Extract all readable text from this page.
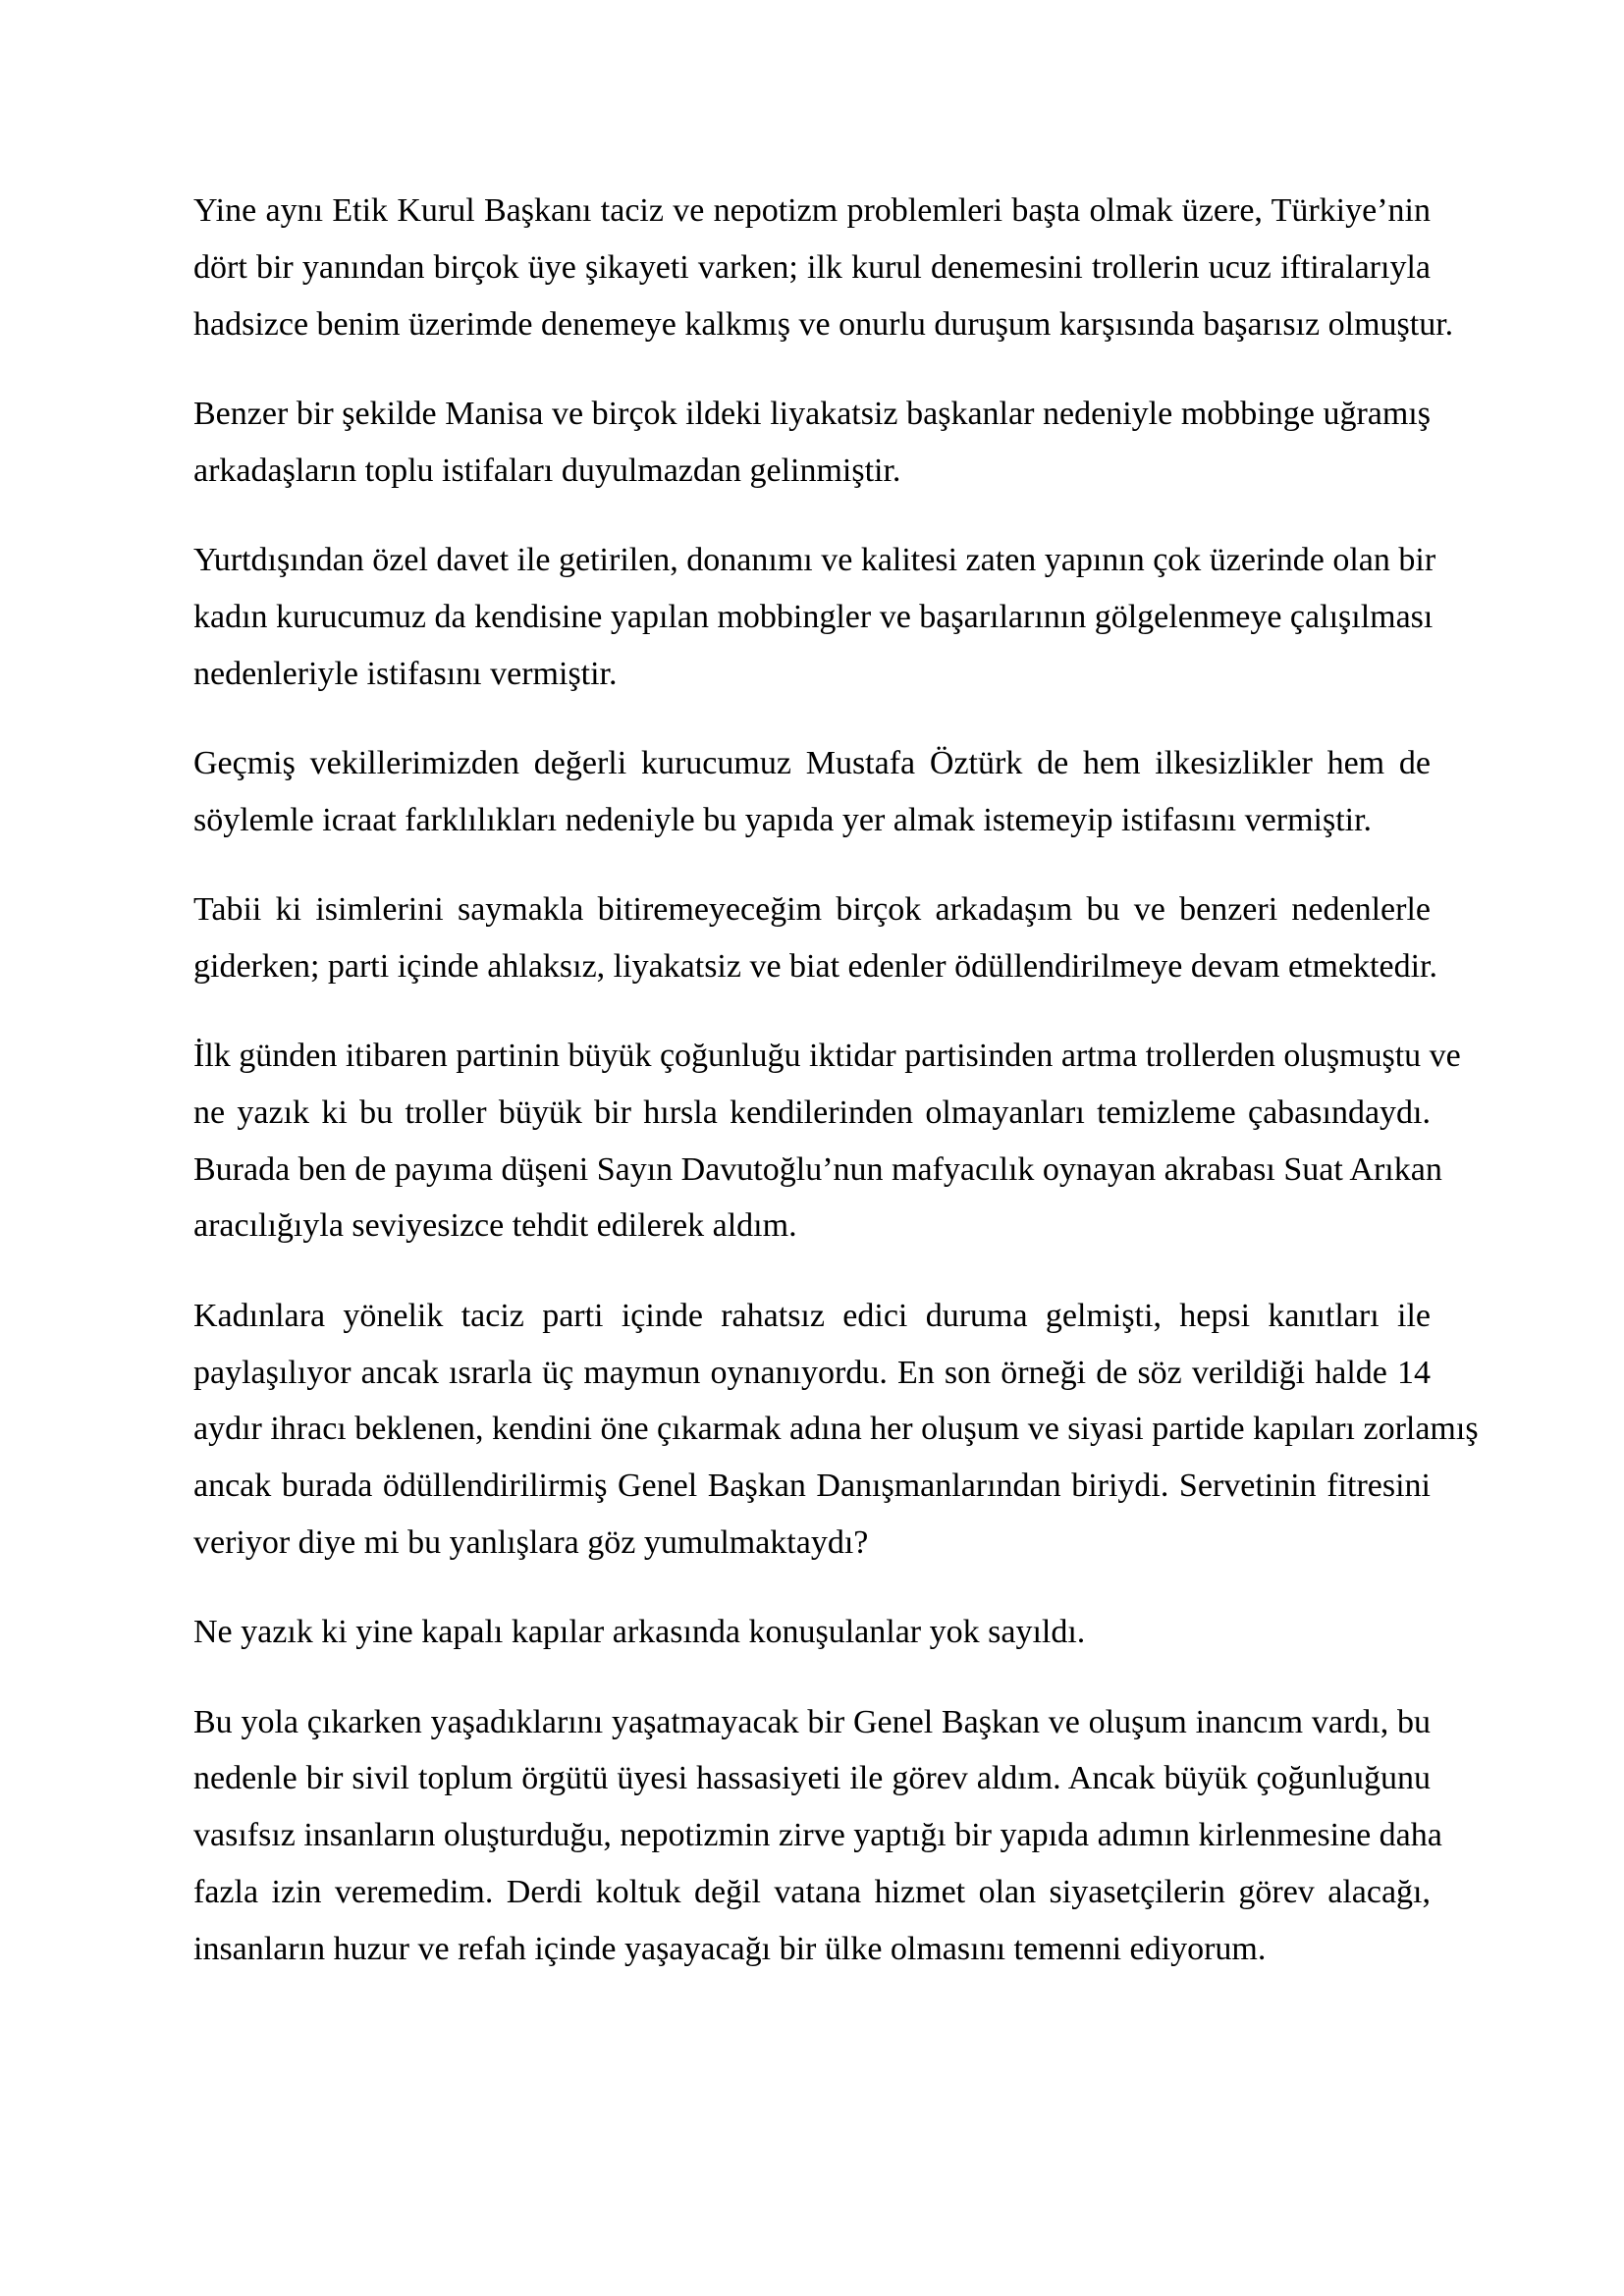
Yine aynı Etik Kurul Başkanı taciz ve nepotizm problemleri başta olmak üzere, Türkiye’nin
dört bir yanından birçok üye şikayeti varken; ilk kurul denemesini trollerin ucuz iftiralarıyla
hadsizce benim üzerimde denemeye kalkmış ve onurlu duruşum karşısında başarısız olmuştur.

Benzer bir şekilde Manisa ve birçok ildeki liyakatsiz başkanlar nedeniyle mobbinge uğramış
arkadaşların toplu istifaları duyulmazdan gelinmiştir.

Yurtdışından özel davet ile getirilen, donanımı ve kalitesi zaten yapının çok üzerinde olan bir
kadın kurucumuz da kendisine yapılan mobbingler ve başarılarının gölgelenmeye çalışılması
nedenleriyle istifasını vermiştir.

Geçmiş vekillerimizden değerli kurucumuz Mustafa Öztürk de hem ilkesizlikler hem de
söylemle icraat farklılıkları nedeniyle bu yapıda yer almak istemeyip istifasını vermiştir.

Tabii ki isimlerini saymakla bitiremeyeceğim birçok arkadaşım bu ve benzeri nedenlerle
giderken; parti içinde ahlaksız, liyakatsiz ve biat edenler ödüllendirilmeye devam etmektedir.

İlk günden itibaren partinin büyük çoğunluğu iktidar partisinden artma trollerden oluşmuştu ve
ne yazık ki bu troller büyük bir hırsla kendilerinden olmayanları temizleme çabasındaydı.
Burada ben de payıma düşeni Sayın Davutoğlu’nun mafyacılık oynayan akrabası Suat Arıkan
aracılığıyla seviyesizce tehdit edilerek aldım.

Kadınlara yönelik taciz parti içinde rahatsız edici duruma gelmişti, hepsi kanıtları ile
paylaşılıyor ancak ısrarla üç maymun oynanıyordu. En son örneği de söz verildiği halde 14
aydır ihracı beklenen, kendini öne çıkarmak adına her oluşum ve siyasi partide kapıları zorlamış
ancak burada ödüllendirilirmiş Genel Başkan Danışmanlarından biriydi. Servetinin fitresini
veriyor diye mi bu yanlışlara göz yumulmaktaydı?

Ne yazık ki yine kapalı kapılar arkasında konuşulanlar yok sayıldı.

Bu yola çıkarken yaşadıklarını yaşatmayacak bir Genel Başkan ve oluşum inancım vardı, bu
nedenle bir sivil toplum örgütü üyesi hassasiyeti ile görev aldım. Ancak büyük çoğunluğunu
vasıfsız insanların oluşturduğu, nepotizmin zirve yaptığı bir yapıda adımın kirlenmesine daha
fazla izin veremedim. Derdi koltuk değil vatana hizmet olan siyasetçilerin görev alacağı,
insanların huzur ve refah içinde yaşayacağı bir ülke olmasını temenni ediyorum.
